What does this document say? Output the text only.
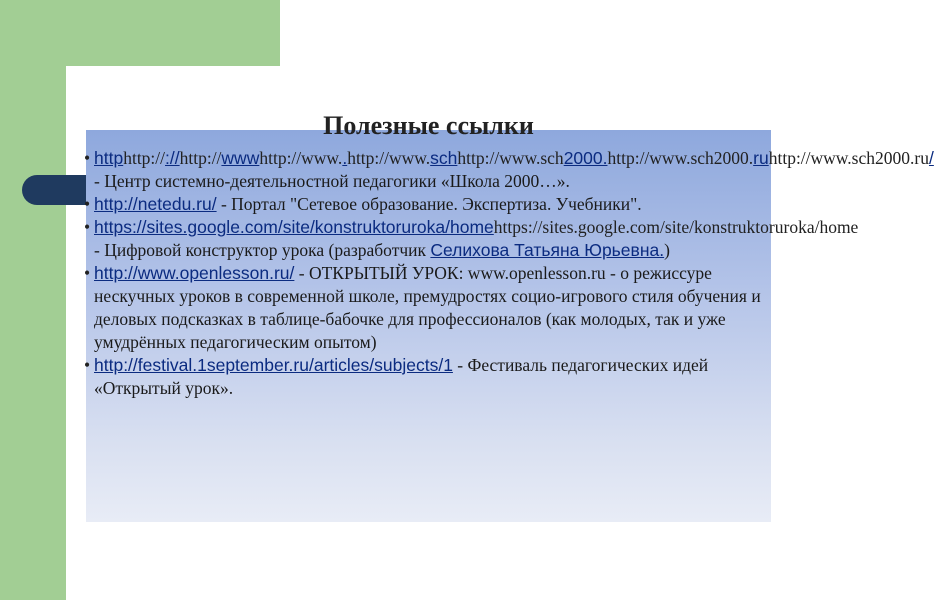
Полезные ссылки
• httphttp://://http://wwwhttp://www..http://www.schhttp://www.sch2000.http://www.sch2000.ruhttp://www.sch2000.ru/ - Центр системно-деятельностной педагогики «Школа 2000…».
• http://netedu.ru/ - Портал "Сетевое образование. Экспертиза. Учебники".
• https://sites.google.com/site/konstruktoruroka/homehttps://sites.google.com/site/konstruktoruroka/home - Цифровой конструктор урока (разработчик Селихова Татьяна Юрьевна.)
• http://www.openlesson.ru/ - ОТКРЫТЫЙ УРОК: www.openlesson.ru - о режиссуре нескучных уроков в современной школе, премудростях социо-игрового стиля обучения и деловых подсказках в таблице-бабочке для профессионалов (как молодых, так и уже умудрённых педагогическим опытом)
• http://festival.1september.ru/articles/subjects/1 - Фестиваль педагогических идей «Открытый урок».
